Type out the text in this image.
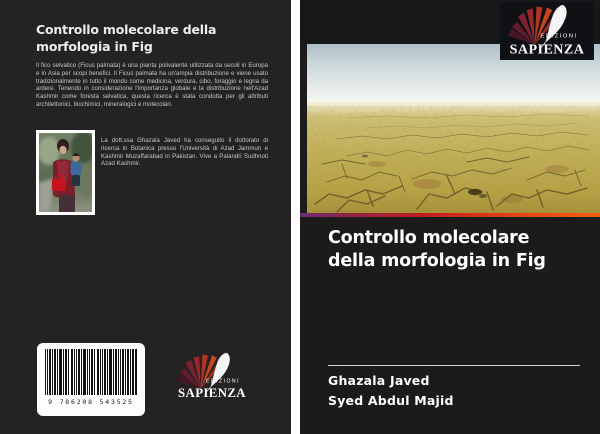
Controllo molecolare della
morfologia in Fig

Il fico selvatico (Ficus palmata) è una pianta polivalente utilizzata da secoli in Europa e in Asia per scopi benefici. Il Ficus palmata ha un'ampia distribuzione e viene usato tradizionalmente in tutto il mondo come medicina, verdura, cibo, foraggio e legna da ardere. Tenendo in considerazione l'importanza globale e la distribuzione nell'Azad Kashmir come foresta selvatica, questa ricerca è stata condotta per gli attributi architettonici, biochimici, mineralogici e molecolari.

La dott.ssa Ghazala Javed ha conseguito il dottorato di ricerca in Botanica presso l'Università di Azad Jammun e Kashmir Muzaffarabad in Pakistan. Vive a Palandri Sudhnoti Azad Kashmir.

9 786208 543525
EDIZIONI
SAPIENZA
Controllo molecolare
della morfologia in Fig
Ghazala Javed
Syed Abdul Majid
EDIZIONI
SAPIENZA
